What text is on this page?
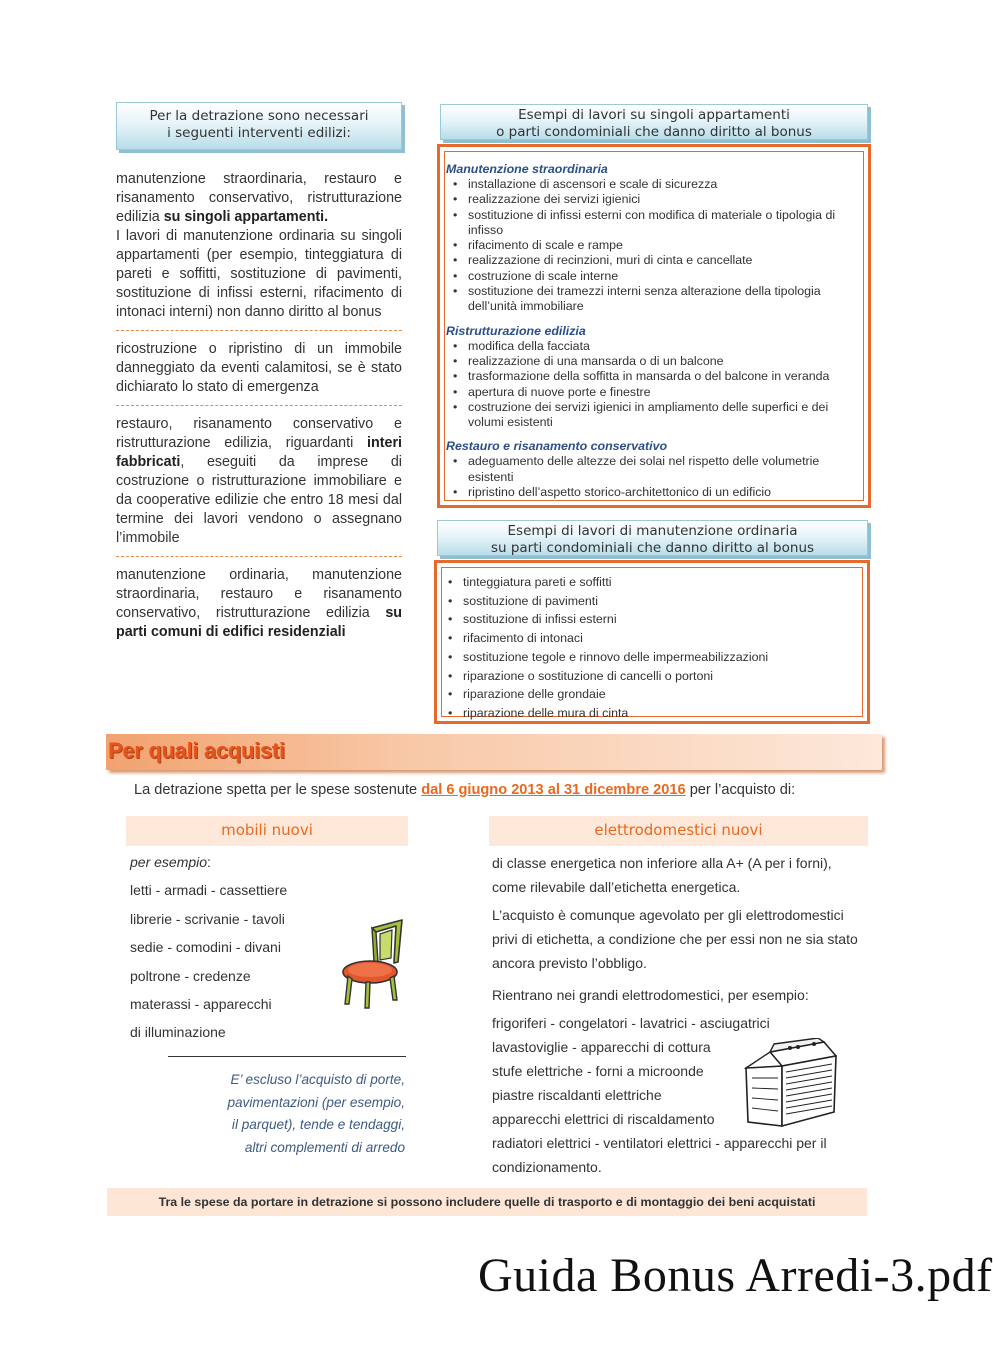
Per la detrazione sono necessari
i seguenti interventi edilizi:

manutenzione straordinaria, restauro e risanamento conservativo, ristrutturazione edilizia su singoli appartamenti.
I lavori di manutenzione ordinaria su singoli appartamenti (per esempio, tinteggiatura di pareti e soffitti, sostituzione di pavimenti, sostituzione di infissi esterni, rifacimento di intonaci interni) non danno diritto al bonus

ricostruzione o ripristino di un immobile danneggiato da eventi calamitosi, se è stato dichiarato lo stato di emergenza

restauro, risanamento conservativo e ristrutturazione edilizia, riguardanti interi fabbricati, eseguiti da imprese di costruzione o ristrutturazione immobiliare e da cooperative edilizie che entro 18 mesi dal termine dei lavori vendono o assegnano l’immobile

manutenzione ordinaria, manutenzione straordinaria, restauro e risanamento conservativo, ristrutturazione edilizia su parti comuni di edifici residenziali

Esempi di lavori su singoli appartamenti
o parti condominiali che danno diritto al bonus
Manutenzione straordinaria
• installazione di ascensori e scale di sicurezza
• realizzazione dei servizi igienici
• sostituzione di infissi esterni con modifica di materiale o tipologia di infisso
• rifacimento di scale e rampe
• realizzazione di recinzioni, muri di cinta e cancellate
• costruzione di scale interne
• sostituzione dei tramezzi interni senza alterazione della tipologia dell’unità immobiliare
Ristrutturazione edilizia
• modifica della facciata
• realizzazione di una mansarda o di un balcone
• trasformazione della soffitta in mansarda o del balcone in veranda
• apertura di nuove porte e finestre
• costruzione dei servizi igienici in ampliamento delle superfici e dei volumi esistenti
Restauro e risanamento conservativo
• adeguamento delle altezze dei solai nel rispetto delle volumetrie esistenti
• ripristino dell’aspetto storico-architettonico di un edificio
Esempi di lavori di manutenzione ordinaria
su parti condominiali che danno diritto al bonus
• tinteggiatura pareti e soffitti
• sostituzione di pavimenti
• sostituzione di infissi esterni
• rifacimento di intonaci
• sostituzione tegole e rinnovo delle impermeabilizzazioni
• riparazione o sostituzione di cancelli o portoni
• riparazione delle grondaie
• riparazione delle mura di cinta
Per quali acquisti
La detrazione spetta per le spese sostenute dal 6 giugno 2013 al 31 dicembre 2016 per l’acquisto di:
mobili nuovi
per esempio:
letti - armadi - cassettiere
librerie - scrivanie - tavoli
sedie - comodini - divani
poltrone - credenze
materassi - apparecchi
di illuminazione
E’ escluso l’acquisto di porte,
pavimentazioni (per esempio,
il parquet), tende e tendaggi,
altri complementi di arredo
elettrodomestici nuovi
di classe energetica non inferiore alla A+ (A per i forni),
come rilevabile dall’etichetta energetica.
L’acquisto è comunque agevolato per gli elettrodomestici
privi di etichetta, a condizione che per essi non ne sia stato
ancora previsto l’obbligo.
Rientrano nei grandi elettrodomestici, per esempio:
frigoriferi - congelatori - lavatrici - asciugatrici
lavastoviglie - apparecchi di cottura
stufe elettriche - forni a microonde
piastre riscaldanti elettriche
apparecchi elettrici di riscaldamento
radiatori elettrici - ventilatori elettrici - apparecchi per il
condizionamento.
Tra le spese da portare in detrazione si possono includere quelle di trasporto e di montaggio dei beni acquistati
Guida Bonus Arredi-3.pdf
